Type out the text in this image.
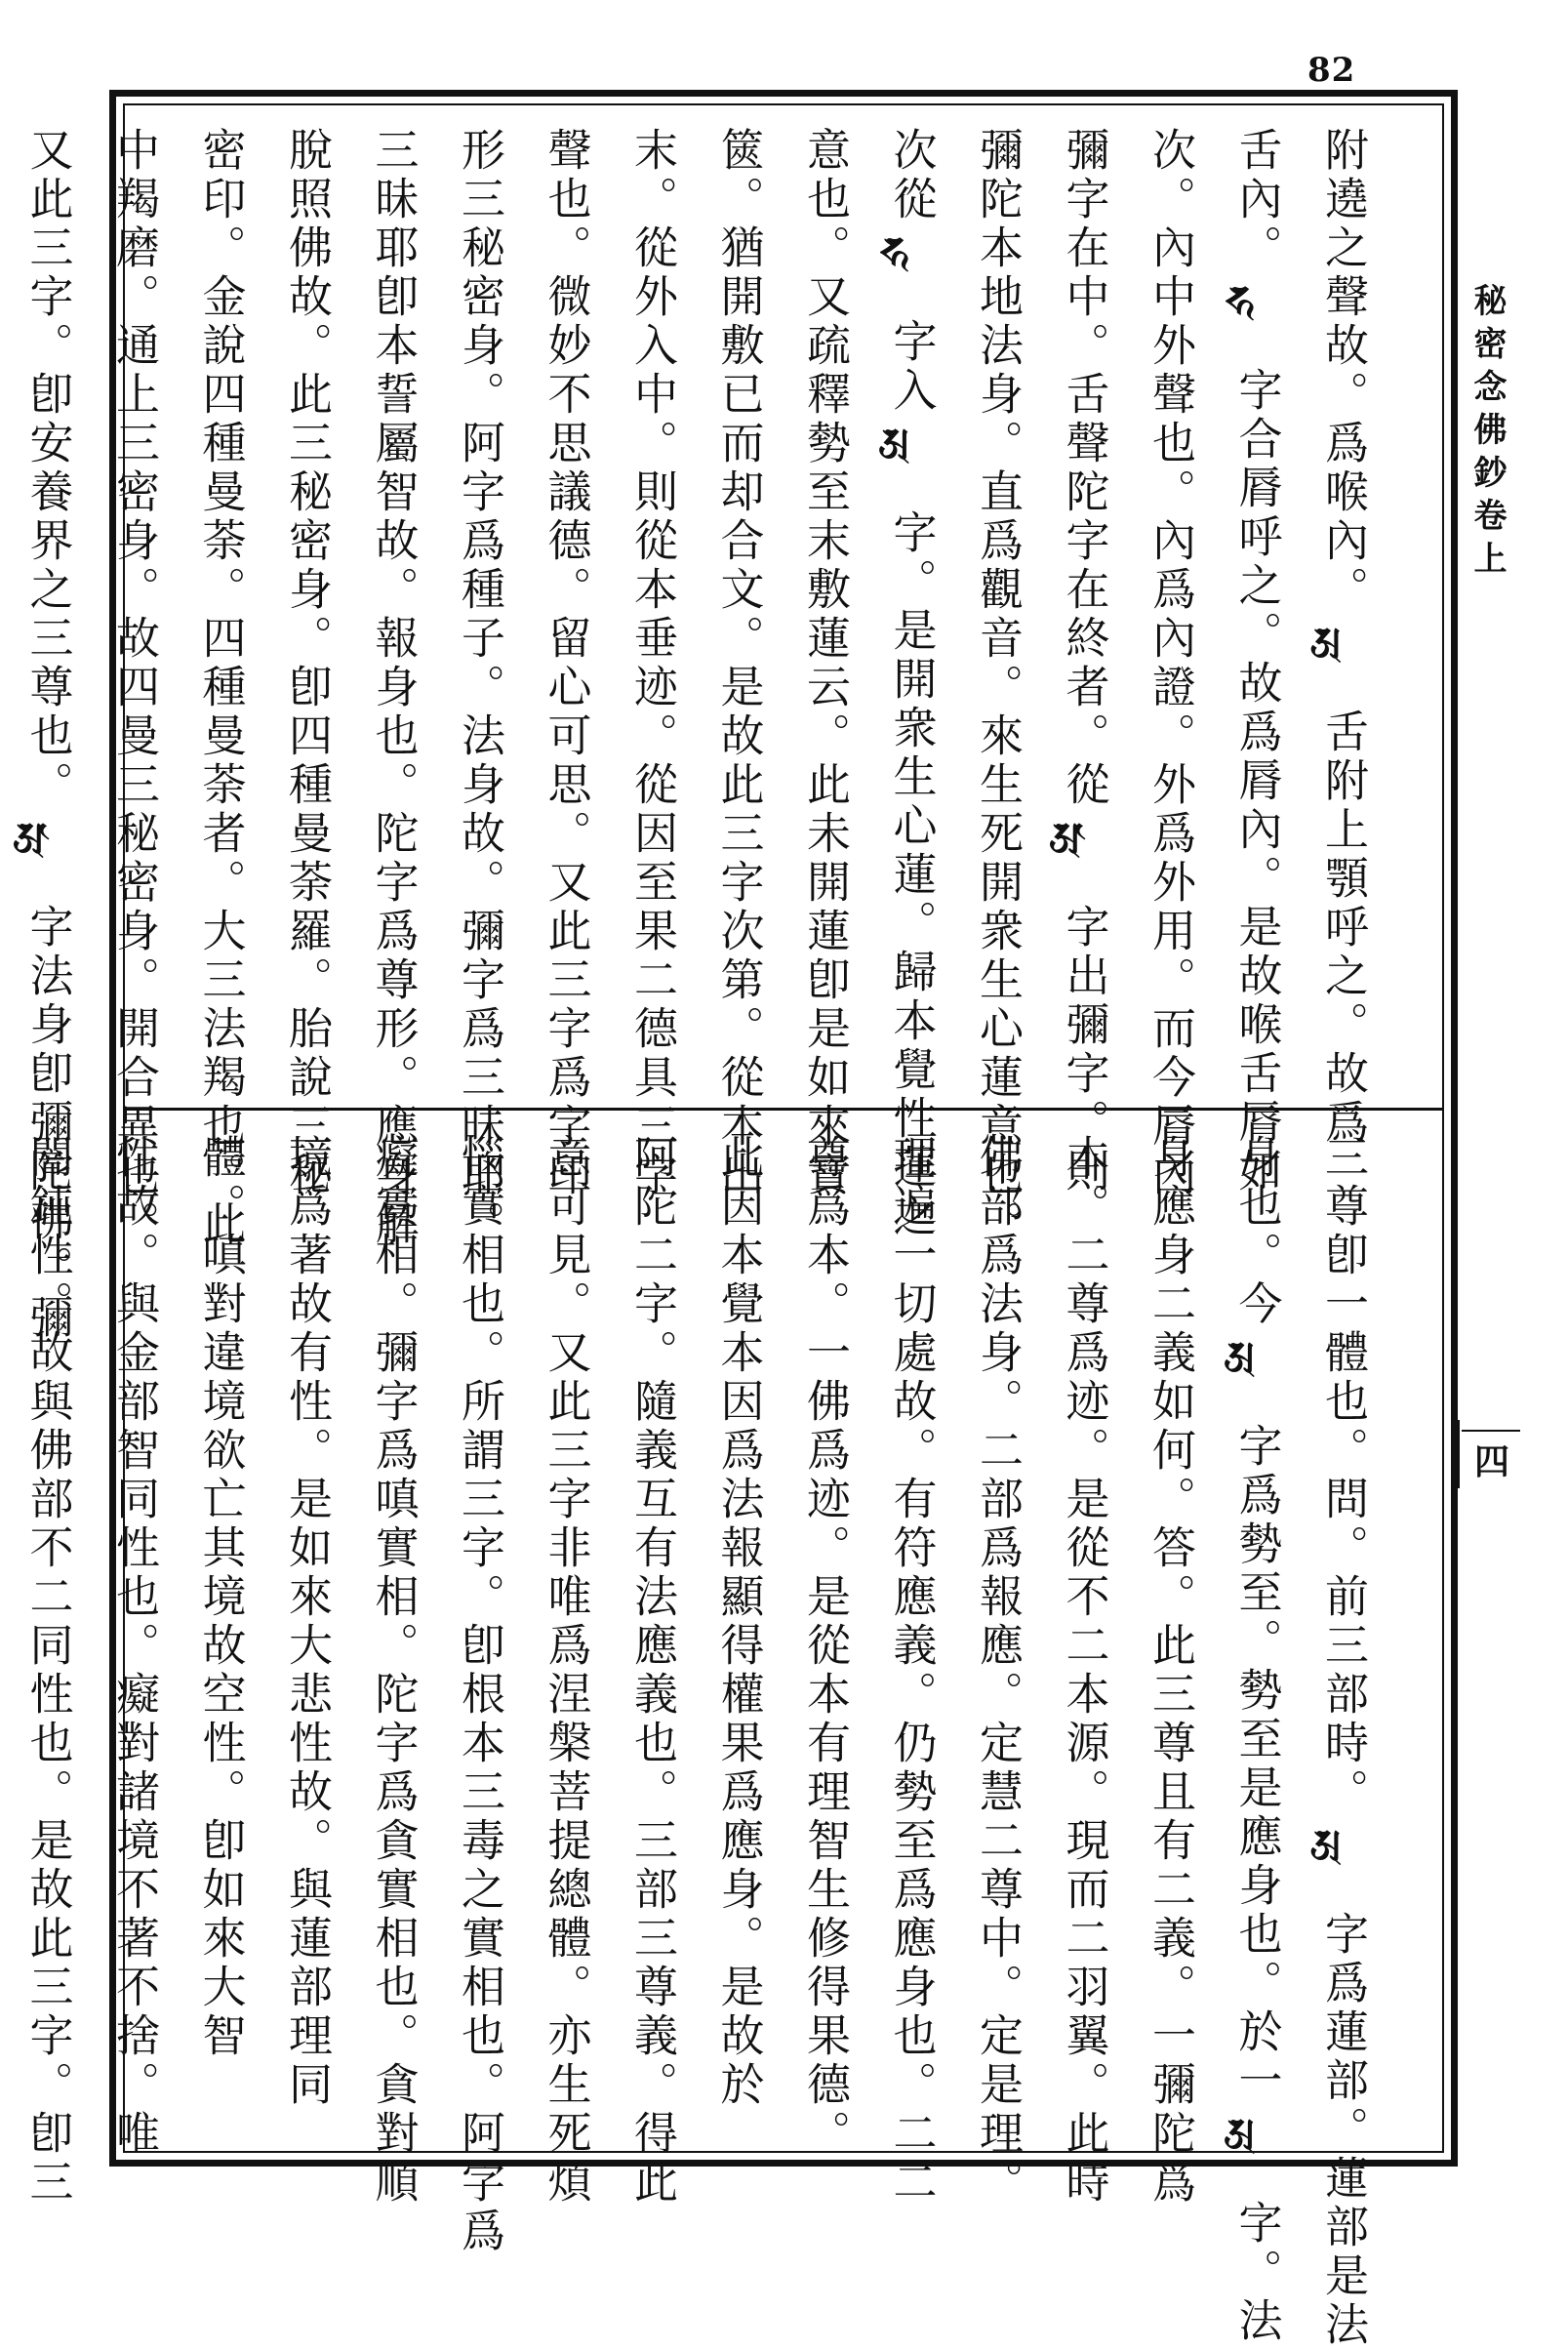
82
秘密念佛鈔卷上
四
附遶之聲故。爲喉內。𑖀舌附上顎呼之。故爲
舌內。𑖮字合脣呼之。故爲脣內。是故喉舌脣如
次。內中外聲也。內爲內證。外爲外用。而今脣內
彌字在中。舌聲陀字在終者。從𑖁字出彌字。則
彌陀本地法身。直爲觀音。來生死開衆生心蓮意也。
次從𑖮字入𑖀字。是開衆生心蓮。歸本覺性蓮之
意也。又疏釋勢至末敷蓮云。此未開蓮卽是如來寶
篋。猶開敷已而却合文。是故此三字次第。從本出
末。從外入中。則從本垂迹。從因至果二德具三字
聲也。微妙不思議德。留心可思。又此三字爲字印
形三秘密身。阿字爲種子。法身故。彌字爲三昧耶。
三昧耶卽本誓屬智故。報身也。陀字爲尊形。應身解
脫照佛故。此三秘密身。卽四種曼荼羅。胎說三秘
密印。金說四種曼荼。四種曼荼者。大三法羯也。此
中羯磨。通上三密身。故四曼三秘密身。開合異也。
又此三字。卽安養界之三尊也。𑖁字法身卽彌陀佛。彌
三尊卽一體也。問。前三部時。𑖀字爲蓮部。蓮部是法
身也。今𑖀字爲勢至。勢至是應身也。於一𑖀字。法
身應身二義如何。答。此三尊且有二義。一彌陀爲
本。二尊爲迹。是從不二本源。現而二羽翼。此時
佛部爲法身。二部爲報應。定慧二尊中。定是理。
理遍一切處故。有符應義。仍勢至爲應身也。二二
尊爲本。一佛爲迹。是從本有理智生修得果德。
此因本覺本因爲法報顯得權果爲應身。是故於
阿陀二字。隨義互有法應義也。三部三尊義。得此
意可見。又此三字非唯爲涅槃菩提總體。亦生死煩
惱實相也。所謂三字。卽根本三毒之實相也。阿字爲
癡實相。彌字爲嗔實相。陀字爲貪實相也。貪對順
境爲著故有性。是如來大悲性故。與蓮部理同
體。嗔對違境欲亡其境故空性。卽如來大智
性故。與金部智同性也。癡對諸境不著不捨。唯
闇鈍性。故與佛部不二同性也。是故此三字。卽三
